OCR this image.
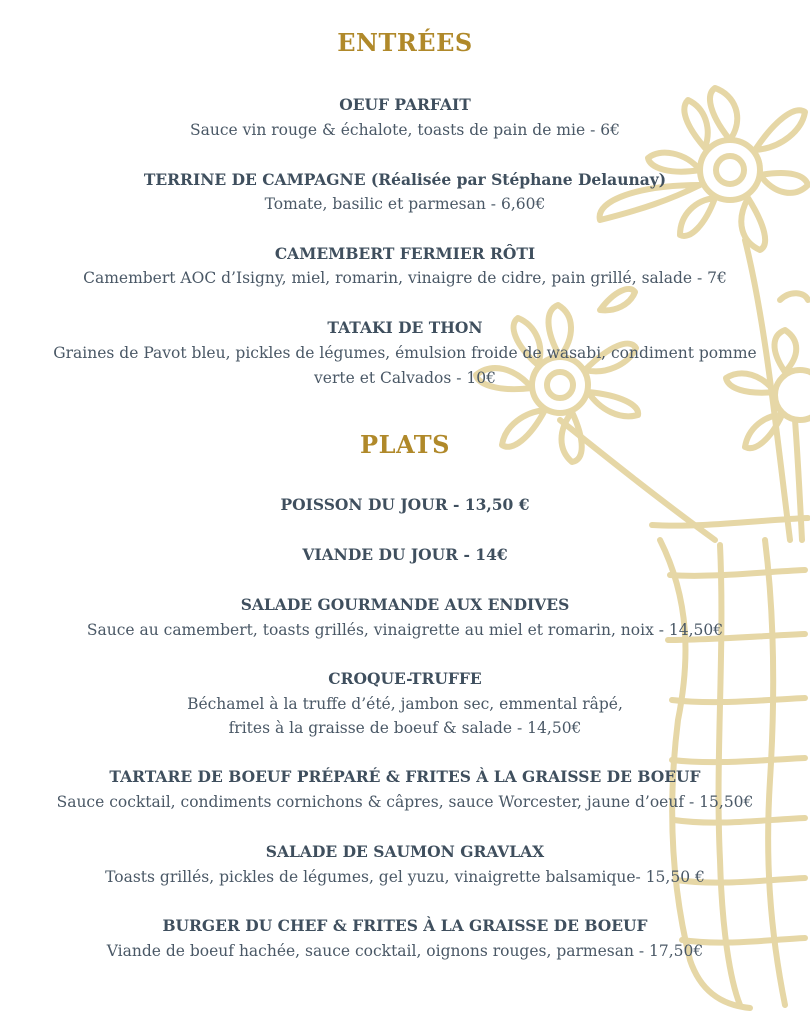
ENTRÉES
OEUF PARFAIT
Sauce vin rouge & échalote, toasts de pain de mie - 6€
TERRINE DE CAMPAGNE (Réalisée par Stéphane Delaunay)
Tomate, basilic et parmesan - 6,60€
CAMEMBERT FERMIER RÔTI
Camembert AOC d’Isigny, miel, romarin, vinaigre de cidre, pain grillé, salade - 7€
TATAKI DE THON
Graines de Pavot bleu, pickles de légumes, émulsion froide de wasabi, condiment pomme
verte et Calvados - 10€
PLATS
POISSON DU JOUR - 13,50 €
VIANDE DU JOUR - 14€
SALADE GOURMANDE AUX ENDIVES
Sauce au camembert, toasts grillés, vinaigrette au miel et romarin, noix - 14,50€
CROQUE-TRUFFE
Béchamel à la truffe d’été, jambon sec, emmental râpé,
frites à la graisse de boeuf & salade - 14,50€
TARTARE DE BOEUF PRÉPARÉ & FRITES À LA GRAISSE DE BOEUF
Sauce cocktail, condiments cornichons & câpres, sauce Worcester, jaune d’oeuf - 15,50€
SALADE DE SAUMON GRAVLAX
Toasts grillés, pickles de légumes, gel yuzu, vinaigrette balsamique- 15,50 €
BURGER DU CHEF & FRITES À LA GRAISSE DE BOEUF
Viande de boeuf hachée, sauce cocktail, oignons rouges, parmesan - 17,50€
